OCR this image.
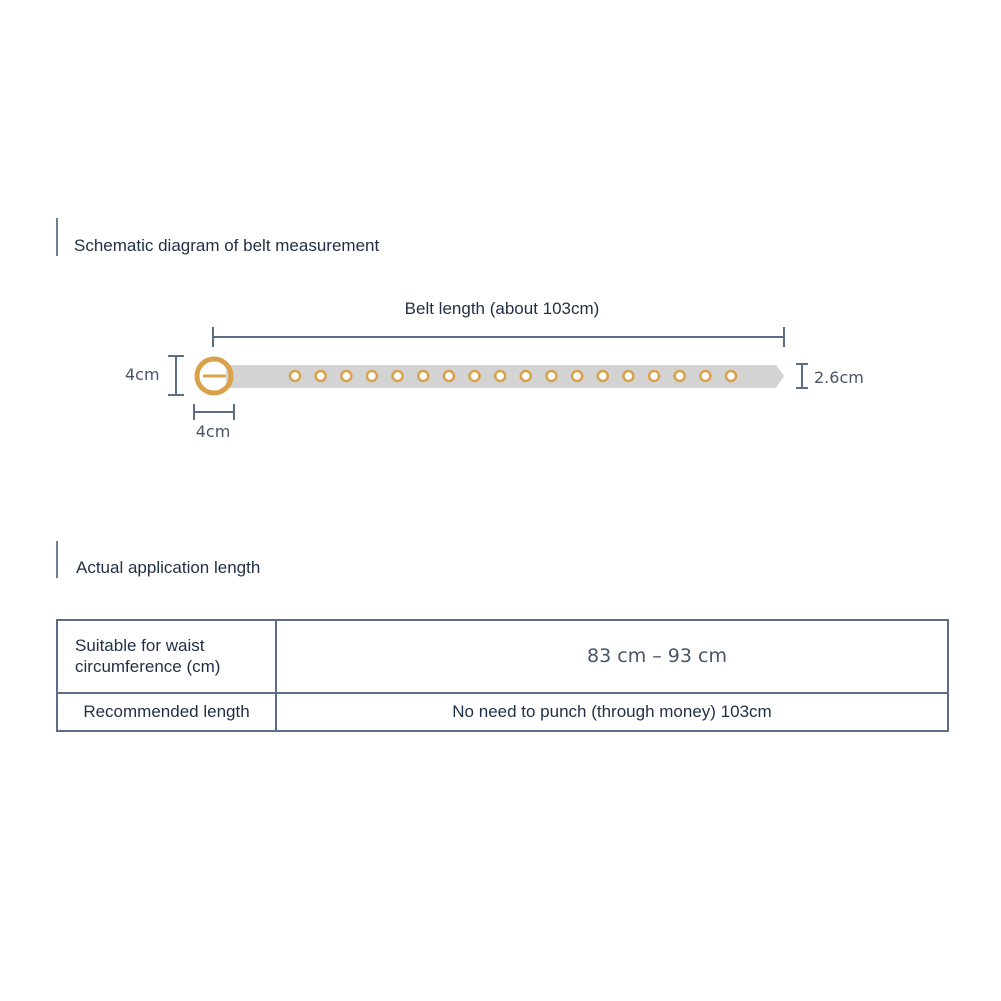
Schematic diagram of belt measurement
Belt length (about 103cm)
4cm	2.6cm
4cm
Actual application length
Suitable for waist circumference (cm)	83 cm – 93 cm
Recommended length	No need to punch (through money) 103cm
